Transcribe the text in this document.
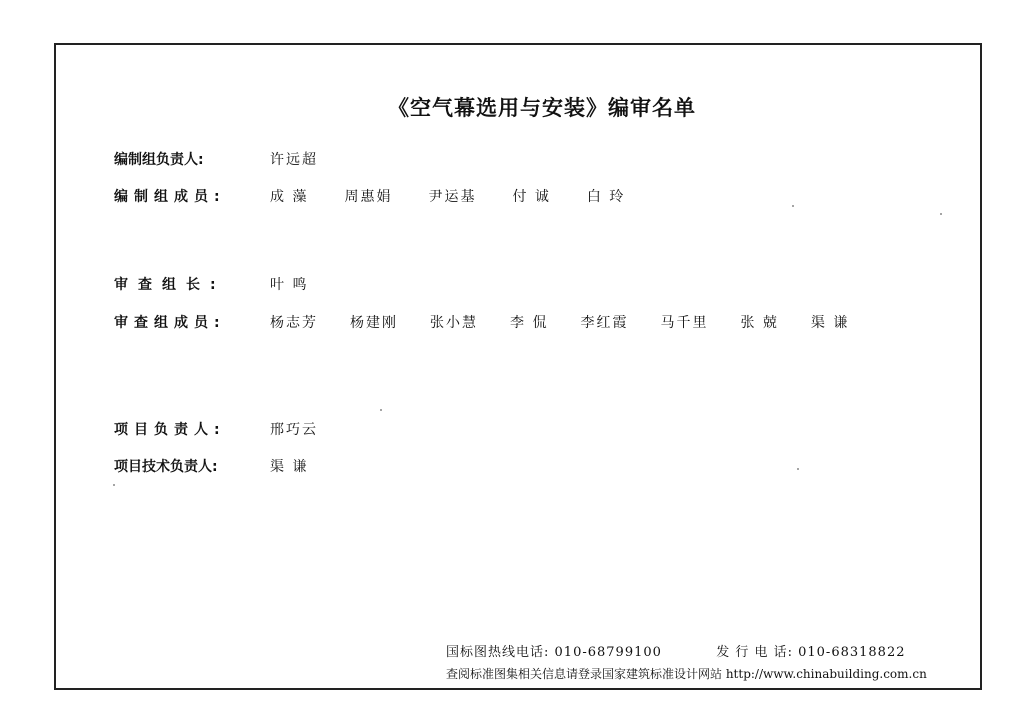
《空气幕选用与安装》编审名单
编制组负责人:	许远超
编制组成员:	成 藻	周惠娟	尹运基	付 诚	白 玲
审查组长:	叶 鸣
审查组成员:	杨志芳 杨建刚 张小慧 李 侃 李红霞 马千里 张 兢 渠 谦
项目负责人:	邢巧云
项目技术负责人:	渠 谦
国标图热线电话: 010-68799100	发 行 电 话: 010-68318822
查阅标准图集相关信息请登录国家建筑标准设计网站 http://www.chinabuilding.com.cn
